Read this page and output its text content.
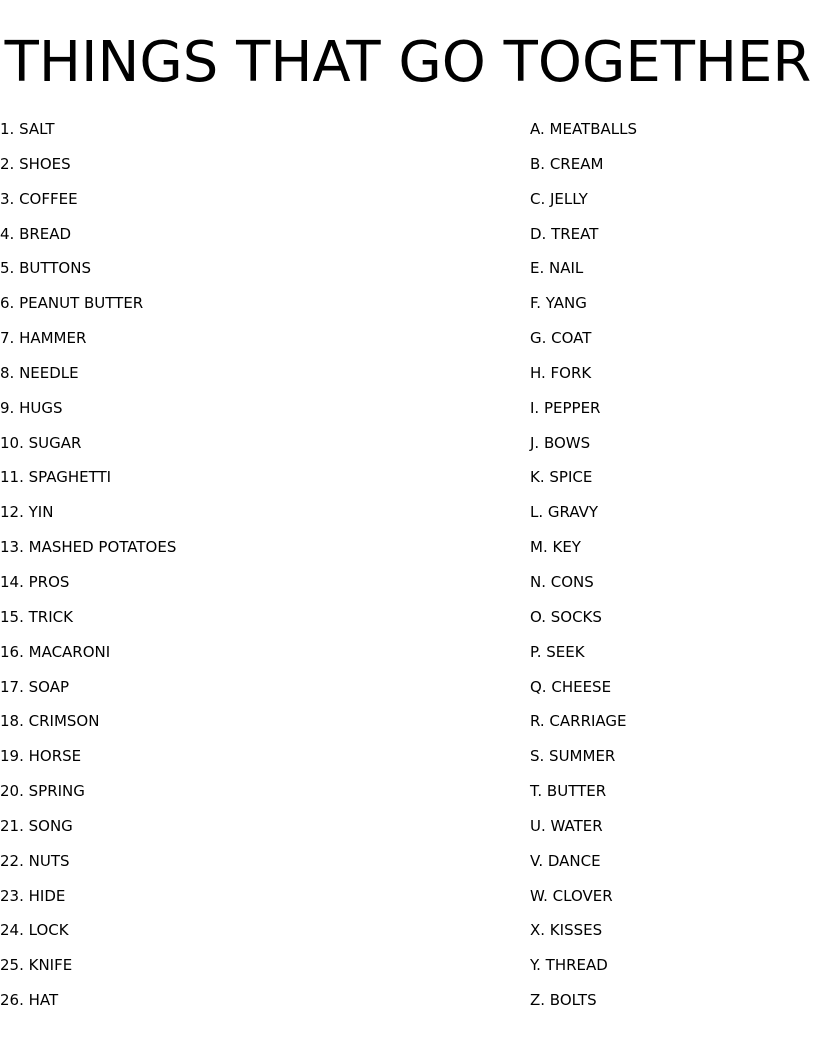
THINGS THAT GO TOGETHER
1. SALT
2. SHOES
3. COFFEE
4. BREAD
5. BUTTONS
6. PEANUT BUTTER
7. HAMMER
8. NEEDLE
9. HUGS
10. SUGAR
11. SPAGHETTI
12. YIN
13. MASHED POTATOES
14. PROS
15. TRICK
16. MACARONI
17. SOAP
18. CRIMSON
19. HORSE
20. SPRING
21. SONG
22. NUTS
23. HIDE
24. LOCK
25. KNIFE
26. HAT
A. MEATBALLS
B. CREAM
C. JELLY
D. TREAT
E. NAIL
F. YANG
G. COAT
H. FORK
I. PEPPER
J. BOWS
K. SPICE
L. GRAVY
M. KEY
N. CONS
O. SOCKS
P. SEEK
Q. CHEESE
R. CARRIAGE
S. SUMMER
T. BUTTER
U. WATER
V. DANCE
W. CLOVER
X. KISSES
Y. THREAD
Z. BOLTS
